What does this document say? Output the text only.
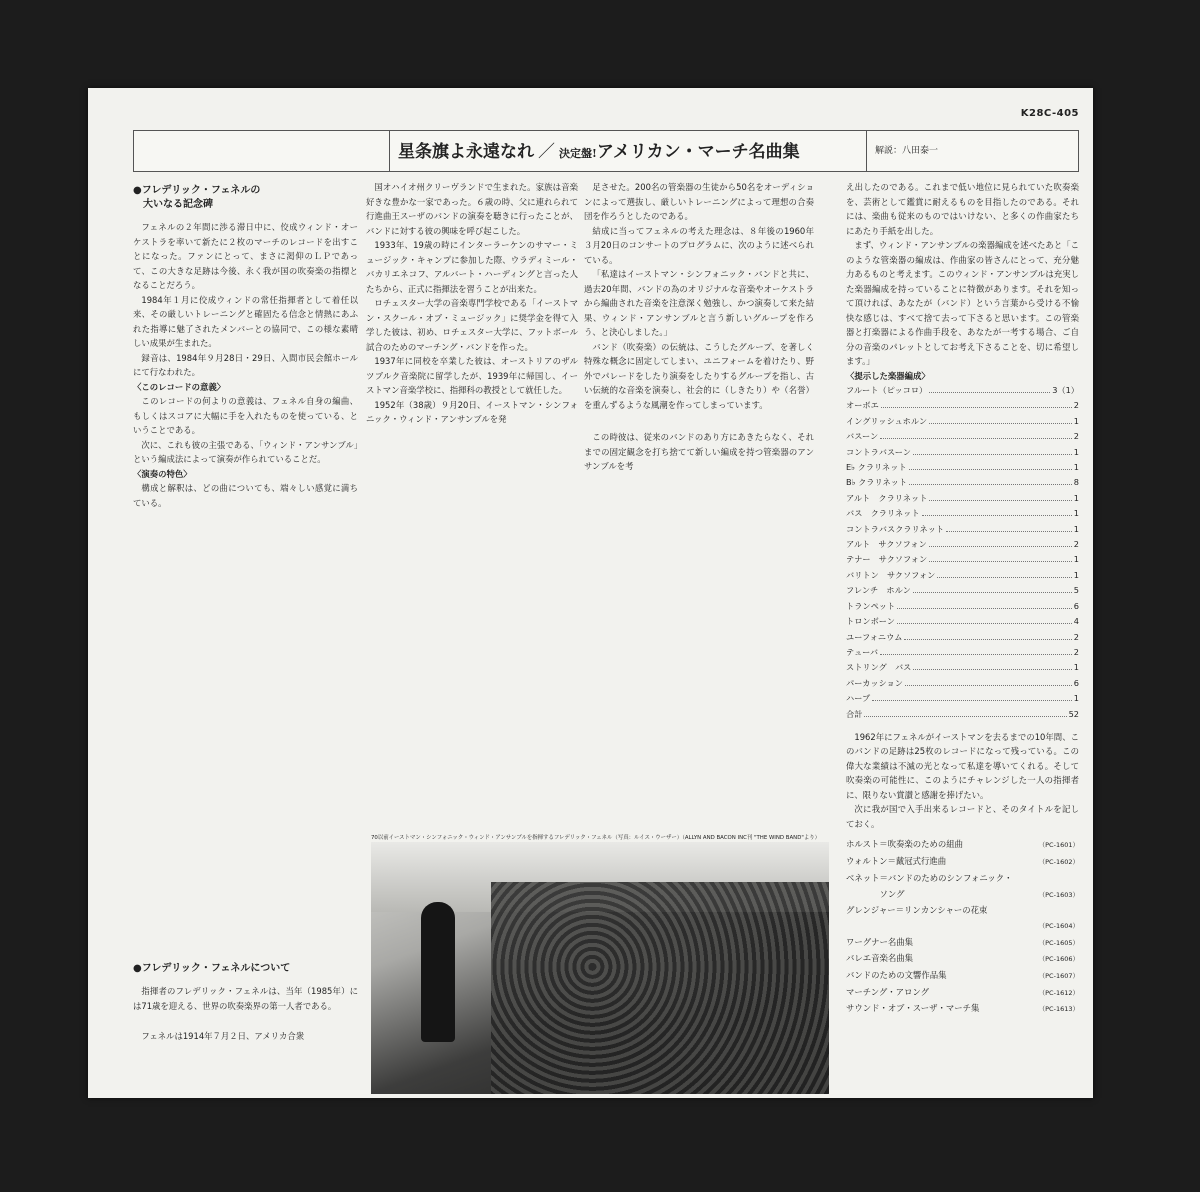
K28C-405
星条旗よ永遠なれ ／ 決定盤!アメリカン・マーチ名曲集	解説：八田泰一
●フレデリック・フェネルの
　大いなる記念碑

フェネルの２年間に渉る滞日中に、佼成ウィンド・オーケストラを率いて新たに２枚のマーチのレコードを出すことになった。ファンにとって、まさに渇仰のＬＰであって、この大きな足跡は今後、永く我が国の吹奏楽の指標となることだろう。

1984年１月に佼成ウィンドの常任指揮者として着任以来、その厳しいトレーニングと確固たる信念と情熱にあふれた指導に魅了されたメンバーとの協同で、この様な素晴しい成果が生まれた。

録音は、1984年９月28日・29日、入間市民会館ホールにて行なわれた。

〈このレコードの意義〉

このレコードの何よりの意義は、フェネル自身の編曲、もしくはスコアに大幅に手を入れたものを使っている、ということである。

次に、これも彼の主張である、「ウィンド・アンサンブル」という編成法によって演奏が作られていることだ。

〈演奏の特色〉

構成と解釈は、どの曲についても、端々しい感覚に満ちている。

●フレデリック・フェネルについて

指揮者のフレデリック・フェネルは、当年（1985年）には71歳を迎える、世界の吹奏楽界の第一人者である。

フェネルは1914年７月２日、アメリカ合衆

国オハイオ州クリーヴランドで生まれた。家族は音楽好きな豊かな一家であった。６歳の時、父に連れられて行進曲王スーザのバンドの演奏を聴きに行ったことが、バンドに対する彼の興味を呼び起こした。

1933年、19歳の時にインターラーケンのサマー・ミュージック・キャンプに参加した際、ウラディミール・バカリエネコフ、アルバート・ハーディングと言った人たちから、正式に指揮法を習うことが出来た。

ロチェスター大学の音楽専門学校である「イーストマン・スクール・オブ・ミュージック」に奨学金を得て入学した彼は、初め、ロチェスター大学に、フットボール試合のためのマーチング・バンドを作った。

1937年に同校を卒業した彼は、オーストリアのザルツブルク音楽院に留学したが、1939年に帰国し、イーストマン音楽学校に、指揮科の教授として就任した。

1952年（38歳）９月20日、イーストマン・シンフォニック・ウィンド・アンサンブルを発

足させた。200名の管楽器の生徒から50名をオーディションによって選抜し、厳しいトレーニングによって理想の合奏団を作ろうとしたのである。

結成に当ってフェネルの考えた理念は、８年後の1960年３月20日のコンサートのプログラムに、次のように述べられている。

「私達はイーストマン・シンフォニック・バンドと共に、過去20年間、バンドの為のオリジナルな音楽やオーケストラから編曲された音楽を注意深く勉強し、かつ演奏して来た結果、ウィンド・アンサンブルと言う新しいグループを作ろう、と決心しました。」

バンド（吹奏楽）の伝統は、こうしたグループ、を著しく特殊な概念に固定してしまい、ユニフォームを着けたり、野外でパレードをしたり演奏をしたりするグループを指し、古い伝統的な音楽を演奏し、社会的に（しきたり）や（名誉）を重んずるような風潮を作ってしまっています。

この時彼は、従来のバンドのあり方にあきたらなく、それまでの固定観念を打ち捨てて新しい編成を持つ管楽器のアンサンブルを考

え出したのである。これまで低い地位に見られていた吹奏楽を、芸術として鑑賞に耐えるものを目指したのである。それには、楽曲も従来のものではいけない、と多くの作曲家たちにあたり手紙を出した。

まず、ウィンド・アンサンブルの楽器編成を述べたあと「このような管楽器の編成は、作曲家の皆さんにとって、充分魅力あるものと考えます。このウィンド・アンサンブルは充実した楽器編成を持っていることに特徴があります。それを知って頂ければ、あなたが（バンド）という言葉から受ける不愉快な感じは、すべて捨て去って下さると思います。この管楽器と打楽器による作曲手段を、あなたが一考する場合、ご自分の音楽のパレットとしてお考え下さることを、切に希望します。」

〈提示した楽器編成〉
フルート（ピッコロ）	3（1）
オーボエ	2
イングリッシュホルン	1
バスーン	2
コントラバスーン	1
E♭ クラリネット	1
B♭ クラリネット	8
アルト　クラリネット	1
バス　クラリネット	1
コントラバスクラリネット	1
アルト　サクソフォン	2
テナー　サクソフォン	1
バリトン　サクソフォン	1
フレンチ　ホルン	5
トランペット	6
トロンボーン	4
ユーフォニウム	2
テューバ	2
ストリング　バス	1
パーカッション	6
ハープ	1
合計	52

1962年にフェネルがイーストマンを去るまでの10年間、このバンドの足跡は25枚のレコードになって残っている。この偉大な業績は不滅の光となって私達を導いてくれる。そして吹奏楽の可能性に、このようにチャレンジした一人の指揮者に、限りない賞讃と感謝を捧げたい。

次に我が国で入手出来るレコードと、そのタイトルを記しておく。

ホルスト＝吹奏楽のための組曲	（PC-1601）
ウォルトン＝戴冠式行進曲	（PC-1602）
ベネット＝バンドのためのシンフォニック・
　　　　ソング	（PC-1603）
グレンジャー＝リンカンシャーの花束
（PC-1604）
ワーグナー名曲集	（PC-1605）
バレエ音楽名曲集	（PC-1606）
バンドのための文響作品集	（PC-1607）
マーチング・アロング	（PC-1612）
サウンド・オブ・スーザ・マーチ集	（PC-1613）
70以前イーストマン・シンフォニック・ウィンド・アンサンブルを指揮するフレデリック・フェネル（写真：ルイス・ウーザー）（ALLYN AND BACON INC刊 "THE WIND BAND"より）
